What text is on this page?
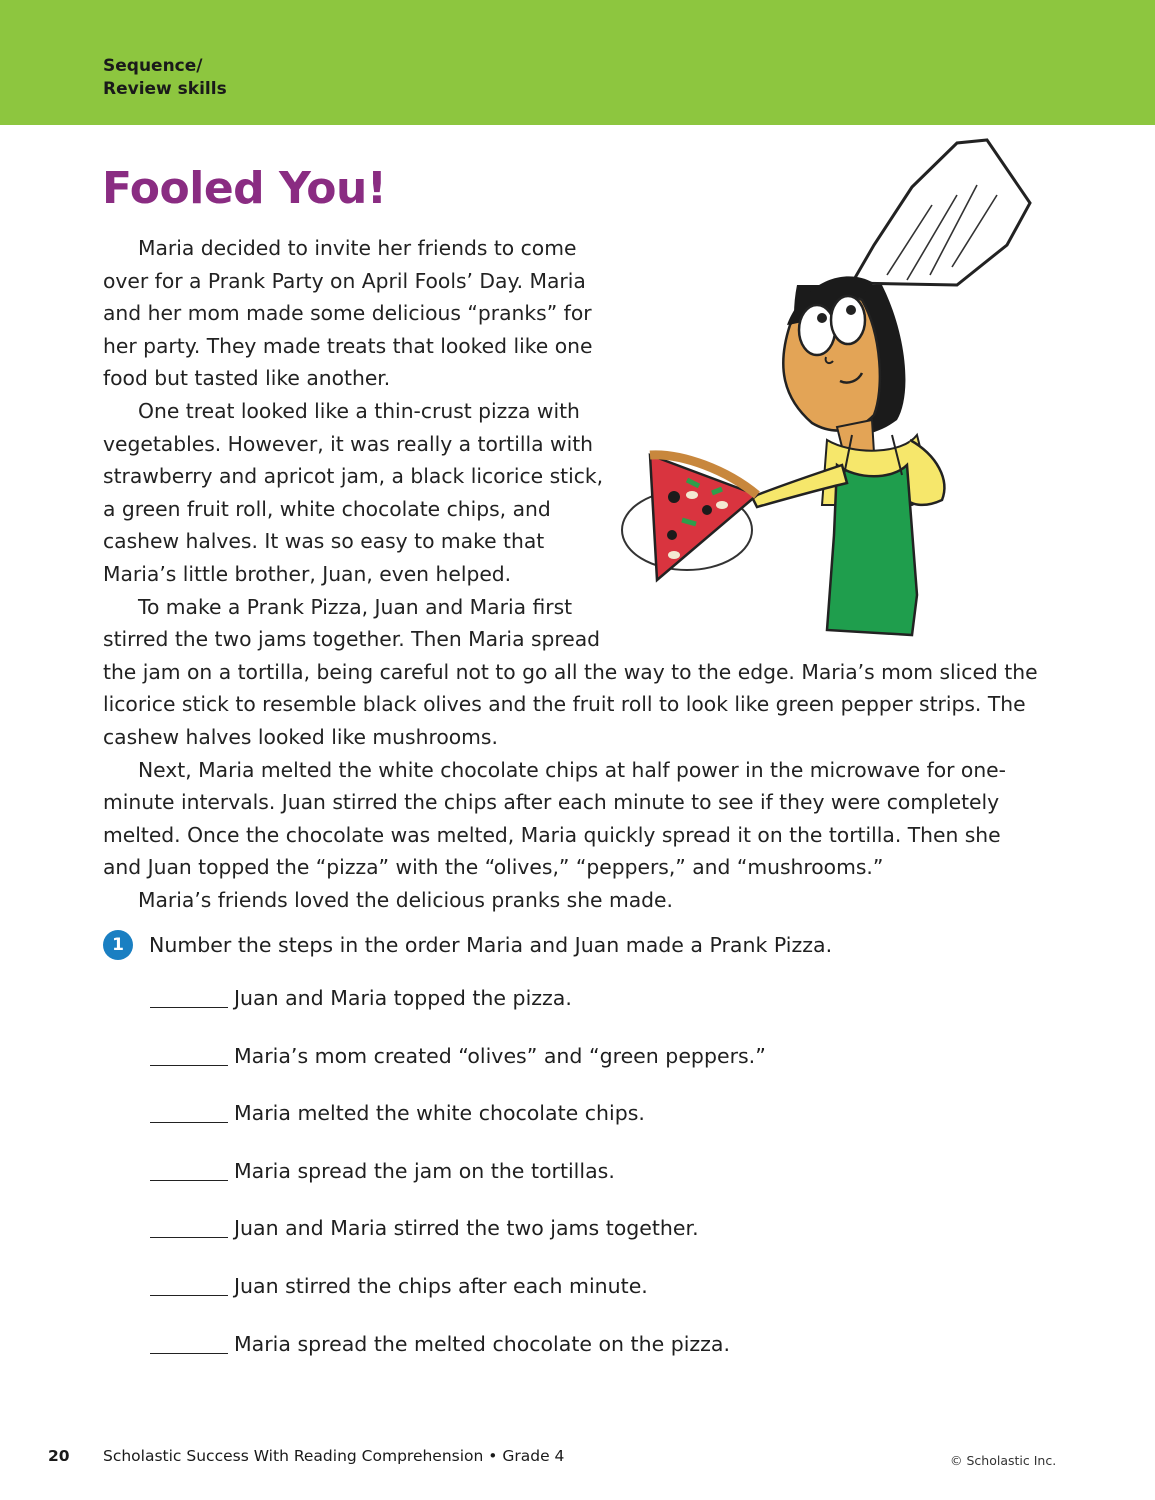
Sequence/
Review skills
Fooled You!

Maria decided to invite her friends to come over for a Prank Party on April Fools’ Day. Maria and her mom made some delicious “pranks” for her party. They made treats that looked like one food but tasted like another.

One treat looked like a thin-crust pizza with vegetables. However, it was really a tortilla with strawberry and apricot jam, a black licorice stick, a green fruit roll, white chocolate chips, and cashew halves. It was so easy to make that Maria’s little brother, Juan, even helped.

To make a Prank Pizza, Juan and Maria first stirred the two jams together. Then Maria spread the jam on a tortilla, being careful not to go all the way to the edge. Maria’s mom sliced the licorice stick to resemble black olives and the fruit roll to look like green pepper strips. The cashew halves looked like mushrooms.

Next, Maria melted the white chocolate chips at half power in the microwave for one-minute intervals. Juan stirred the chips after each minute to see if they were completely melted. Once the chocolate was melted, Maria quickly spread it on the tortilla. Then she and Juan topped the “pizza” with the “olives,” “peppers,” and “mushrooms.”

Maria’s friends loved the delicious pranks she made.

1	Number the steps in the order Maria and Juan made a Prank Pizza.
Juan and Maria topped the pizza.
Maria’s mom created “olives” and “green peppers.”
Maria melted the white chocolate chips.
Maria spread the jam on the tortillas.
Juan and Maria stirred the two jams together.
Juan stirred the chips after each minute.
Maria spread the melted chocolate on the pizza.
20 Scholastic Success With Reading Comprehension • Grade 4	© Scholastic Inc.
